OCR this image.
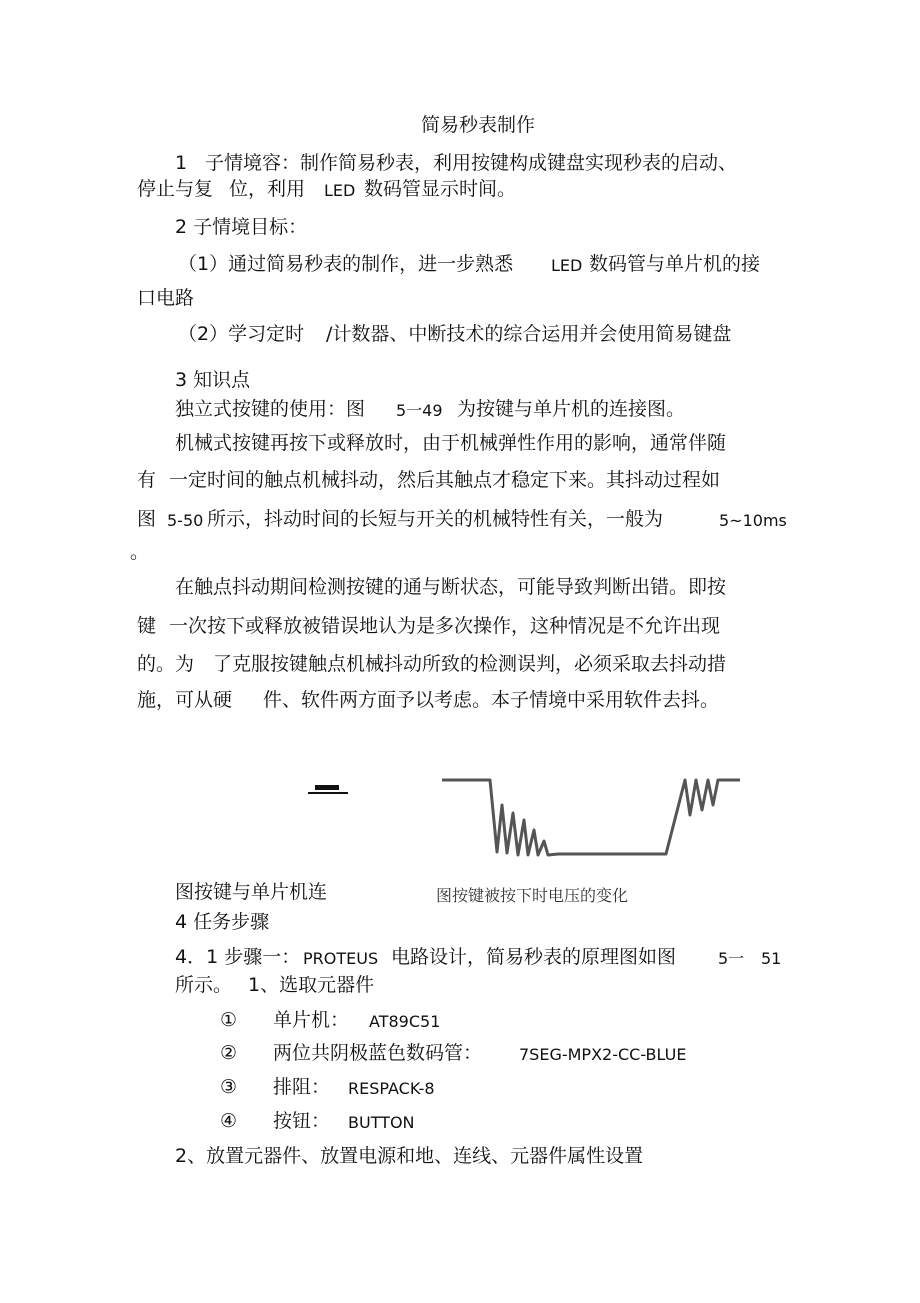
简易秒表制作
1 子情境容：制作简易秒表，利用按键构成键盘实现秒表的启动、
停止与复 位，利用 LED 数码管显示时间。
2 子情境目标：
（1）通过简易秒表的制作，进一步熟悉 LED 数码管与单片机的接
口电路
（2）学习定时 /计数器、中断技术的综合运用并会使用简易键盘
3 知识点
独立式按键的使用：图 5一49 为按键与单片机的连接图。
机械式按键再按下或释放时，由于机械弹性作用的影响，通常伴随
有 一定时间的触点机械抖动，然后其触点才稳定下来。其抖动过程如
图 5-50 所示，抖动时间的长短与开关的机械特性有关，一般为	5~10ms
。
在触点抖动期间检测按键的通与断状态，可能导致判断出错。即按
键 一次按下或释放被错误地认为是多次操作，这种情况是不允许出现
的。为 了克服按键触点机械抖动所致的检测误判，必须采取去抖动措
施，可从硬 件、软件两方面予以考虑。本子情境中采用软件去抖。
图按键与单片机连	图按键被按下时电压的变化
4 任务步骤
4．1 步骤一： PROTEUS 电路设计，简易秒表的原理图如图	5一 51
所示。 1、选取元器件
① 单片机： AT89C51
② 两位共阴极蓝色数码管： 7SEG-MPX2-CC-BLUE
③ 排阻： RESPACK-8
④ 按钮： BUTTON
2、放置元器件、放置电源和地、连线、元器件属性设置
